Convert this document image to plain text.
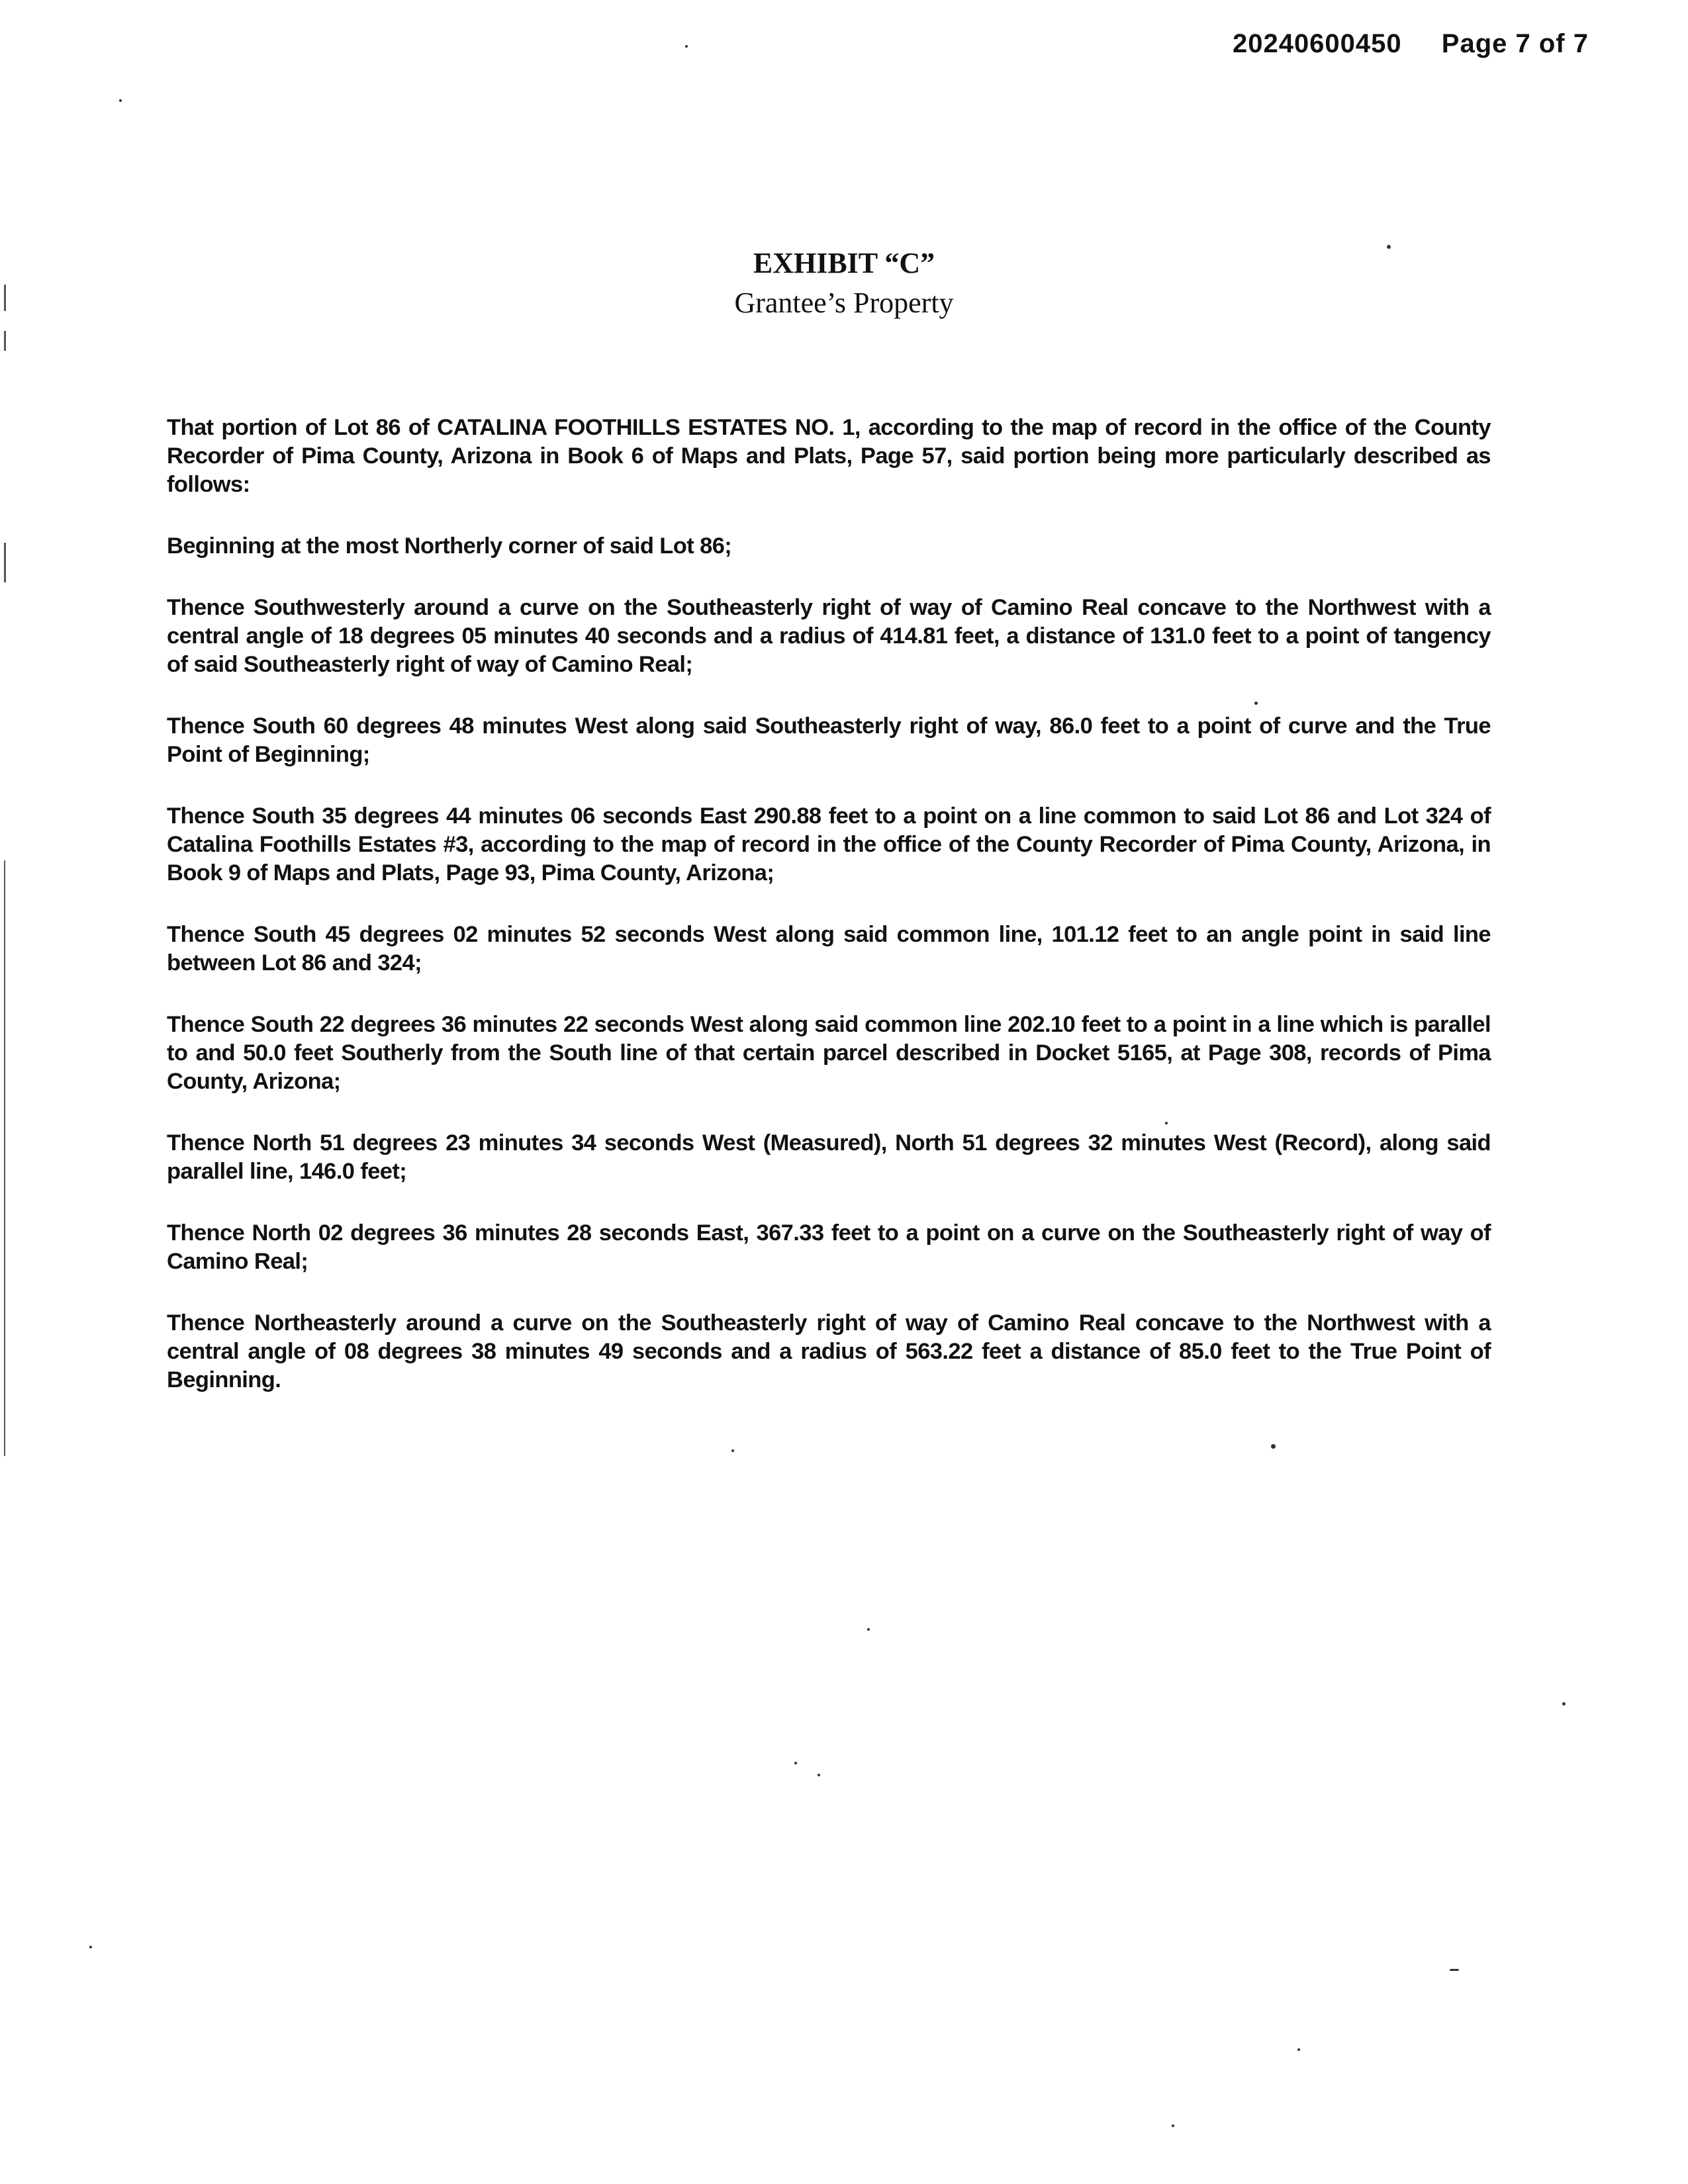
20240600450 Page 7 of 7
EXHIBIT “C”
Grantee’s Property

That portion of Lot 86 of CATALINA FOOTHILLS ESTATES NO. 1, according to the map of record in the office of the County Recorder of Pima County, Arizona in Book 6 of Maps and Plats, Page 57, said portion being more particularly described as follows:

Beginning at the most Northerly corner of said Lot 86;

Thence Southwesterly around a curve on the Southeasterly right of way of Camino Real concave to the Northwest with a central angle of 18 degrees 05 minutes 40 seconds and a radius of 414.81 feet, a distance of 131.0 feet to a point of tangency of said Southeasterly right of way of Camino Real;

Thence South 60 degrees 48 minutes West along said Southeasterly right of way, 86.0 feet to a point of curve and the True Point of Beginning;

Thence South 35 degrees 44 minutes 06 seconds East 290.88 feet to a point on a line common to said Lot 86 and Lot 324 of Catalina Foothills Estates #3, according to the map of record in the office of the County Recorder of Pima County, Arizona, in Book 9 of Maps and Plats, Page 93, Pima County, Arizona;

Thence South 45 degrees 02 minutes 52 seconds West along said common line, 101.12 feet to an angle point in said line between Lot 86 and 324;

Thence South 22 degrees 36 minutes 22 seconds West along said common line 202.10 feet to a point in a line which is parallel to and 50.0 feet Southerly from the South line of that certain parcel described in Docket 5165, at Page 308, records of Pima County, Arizona;

Thence North 51 degrees 23 minutes 34 seconds West (Measured), North 51 degrees 32 minutes West (Record), along said parallel line, 146.0 feet;

Thence North 02 degrees 36 minutes 28 seconds East, 367.33 feet to a point on a curve on the Southeasterly right of way of Camino Real;

Thence Northeasterly around a curve on the Southeasterly right of way of Camino Real concave to the Northwest with a central angle of 08 degrees 38 minutes 49 seconds and a radius of 563.22 feet a distance of 85.0 feet to the True Point of Beginning.
